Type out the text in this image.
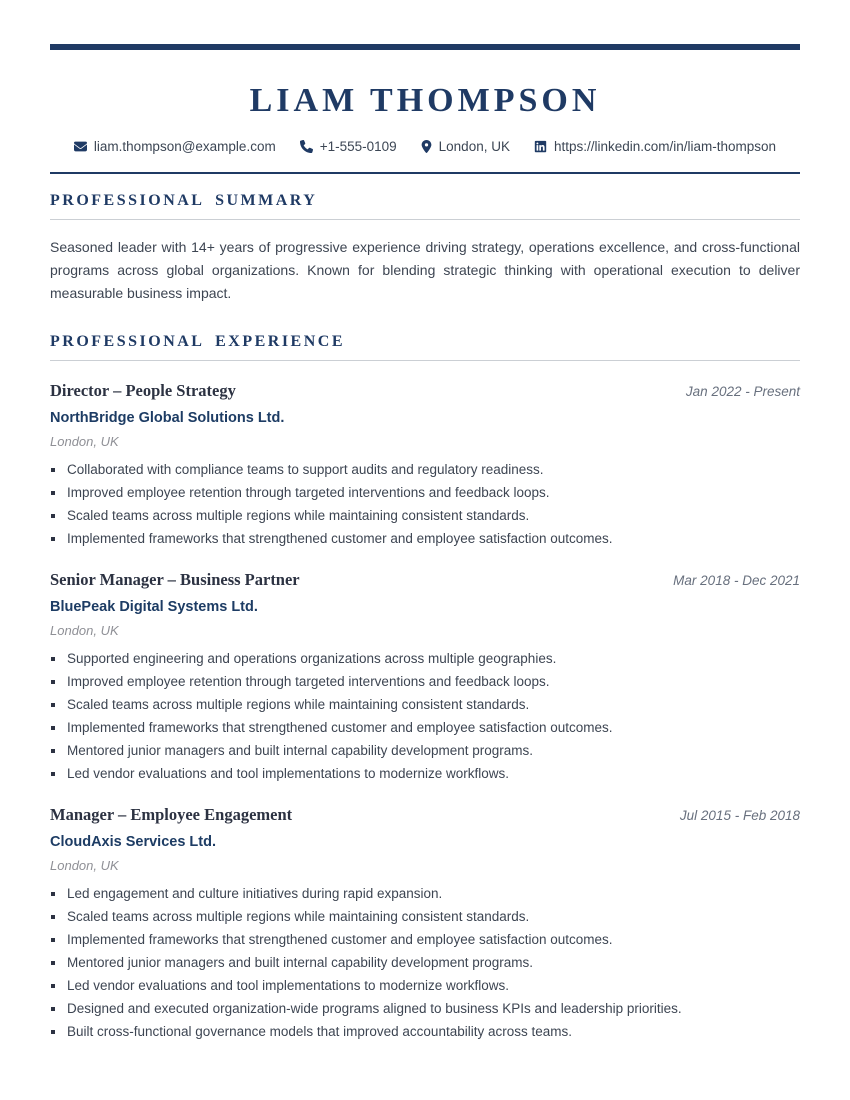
LIAM THOMPSON
liam.thompson@example.com	+1-555-0109	London, UK	https://linkedin.com/in/liam-thompson
PROFESSIONAL SUMMARY

Seasoned leader with 14+ years of progressive experience driving strategy, operations excellence, and cross-functional programs across global organizations. Known for blending strategic thinking with operational execution to deliver measurable business impact.

PROFESSIONAL EXPERIENCE
Director – People Strategy	Jan 2022 - Present
NorthBridge Global Solutions Ltd.
London, UK
Collaborated with compliance teams to support audits and regulatory readiness.
Improved employee retention through targeted interventions and feedback loops.
Scaled teams across multiple regions while maintaining consistent standards.
Implemented frameworks that strengthened customer and employee satisfaction outcomes.
Senior Manager – Business Partner	Mar 2018 - Dec 2021
BluePeak Digital Systems Ltd.
London, UK
Supported engineering and operations organizations across multiple geographies.
Improved employee retention through targeted interventions and feedback loops.
Scaled teams across multiple regions while maintaining consistent standards.
Implemented frameworks that strengthened customer and employee satisfaction outcomes.
Mentored junior managers and built internal capability development programs.
Led vendor evaluations and tool implementations to modernize workflows.
Manager – Employee Engagement	Jul 2015 - Feb 2018
CloudAxis Services Ltd.
London, UK
Led engagement and culture initiatives during rapid expansion.
Scaled teams across multiple regions while maintaining consistent standards.
Implemented frameworks that strengthened customer and employee satisfaction outcomes.
Mentored junior managers and built internal capability development programs.
Led vendor evaluations and tool implementations to modernize workflows.
Designed and executed organization-wide programs aligned to business KPIs and leadership priorities.
Built cross-functional governance models that improved accountability across teams.
